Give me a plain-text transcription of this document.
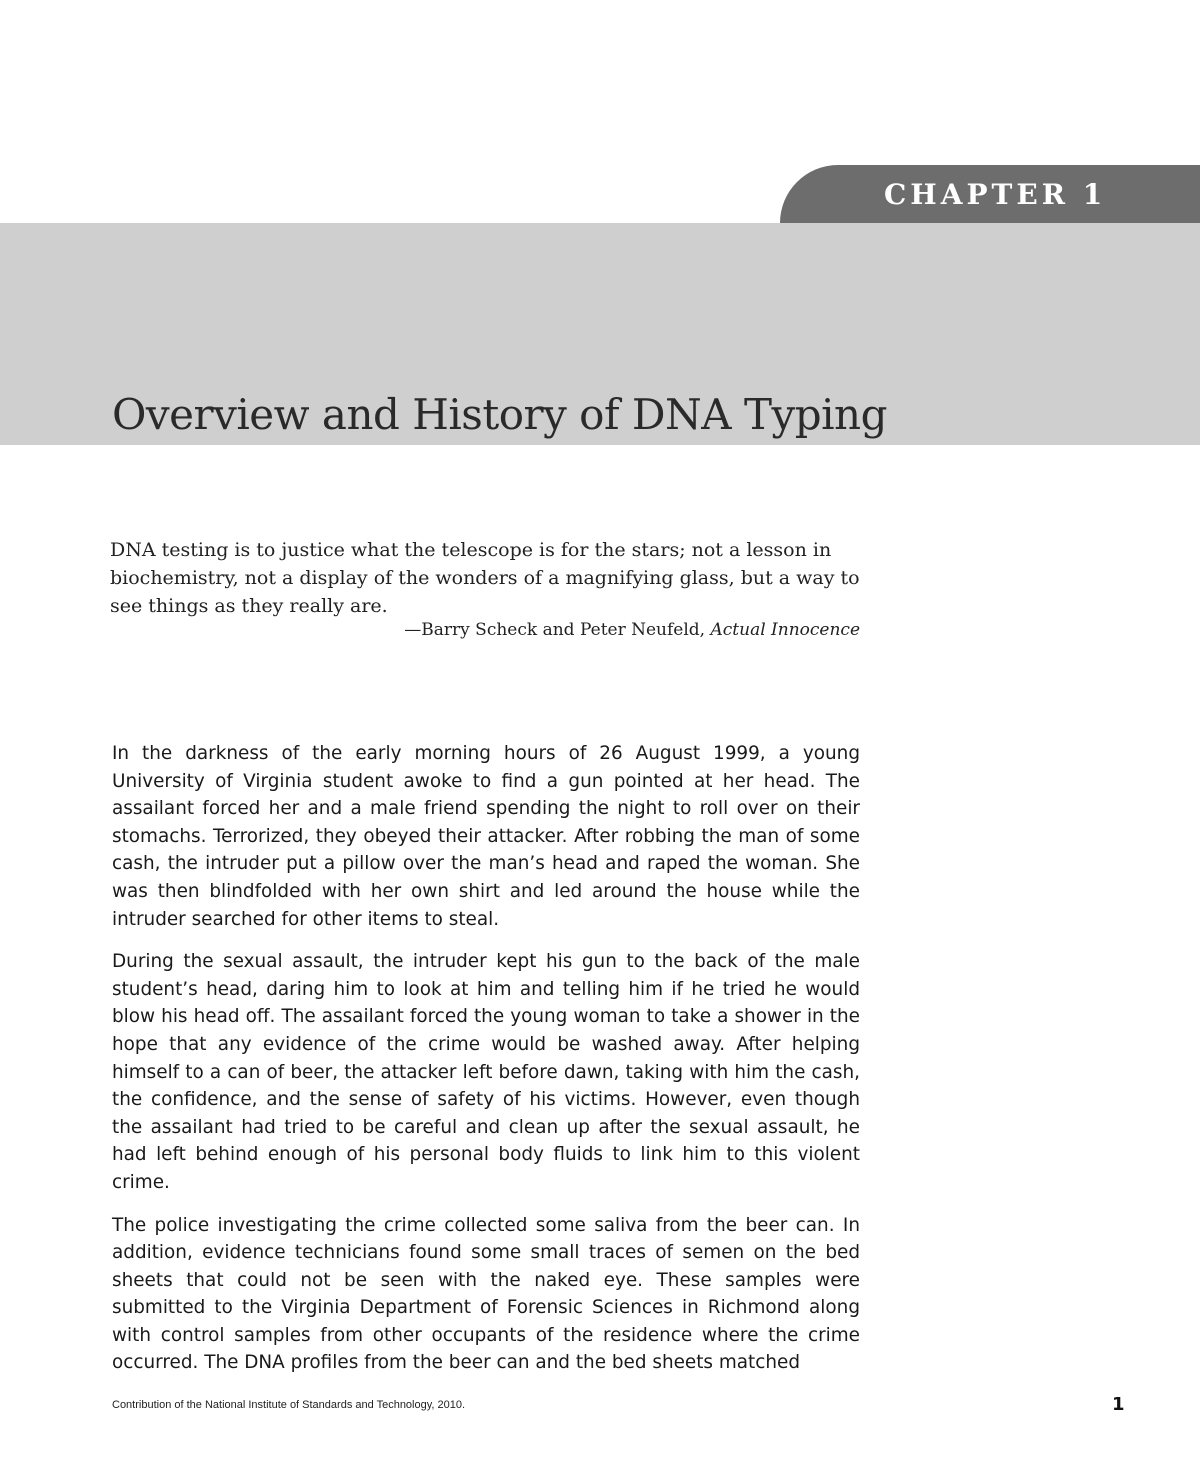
CHAPTER 1
Overview and History of DNA Typing

DNA testing is to justice what the telescope is for the stars; not a lesson in biochemistry, not a display of the wonders of a magnifying glass, but a way to see things as they really are.

—Barry Scheck and Peter Neufeld, Actual Innocence

In the darkness of the early morning hours of 26 August 1999, a young University of Virginia student awoke to find a gun pointed at her head. The assailant forced her and a male friend spending the night to roll over on their stomachs. Terrorized, they obeyed their attacker. After robbing the man of some cash, the intruder put a pillow over the man’s head and raped the woman. She was then blindfolded with her own shirt and led around the house while the intruder searched for other items to steal.

During the sexual assault, the intruder kept his gun to the back of the male student’s head, daring him to look at him and telling him if he tried he would blow his head off. The assailant forced the young woman to take a shower in the hope that any evidence of the crime would be washed away. After helping himself to a can of beer, the attacker left before dawn, taking with him the cash, the confidence, and the sense of safety of his victims. However, even though the assailant had tried to be careful and clean up after the sexual assault, he had left behind enough of his personal body fluids to link him to this violent crime.

The police investigating the crime collected some saliva from the beer can. In addition, evidence technicians found some small traces of semen on the bed sheets that could not be seen with the naked eye. These samples were submitted to the Virginia Department of Forensic Sciences in Richmond along with control samples from other occupants of the residence where the crime occurred. The DNA profiles from the beer can and the bed sheets matched

Contribution of the National Institute of Standards and Technology, 2010.	1
